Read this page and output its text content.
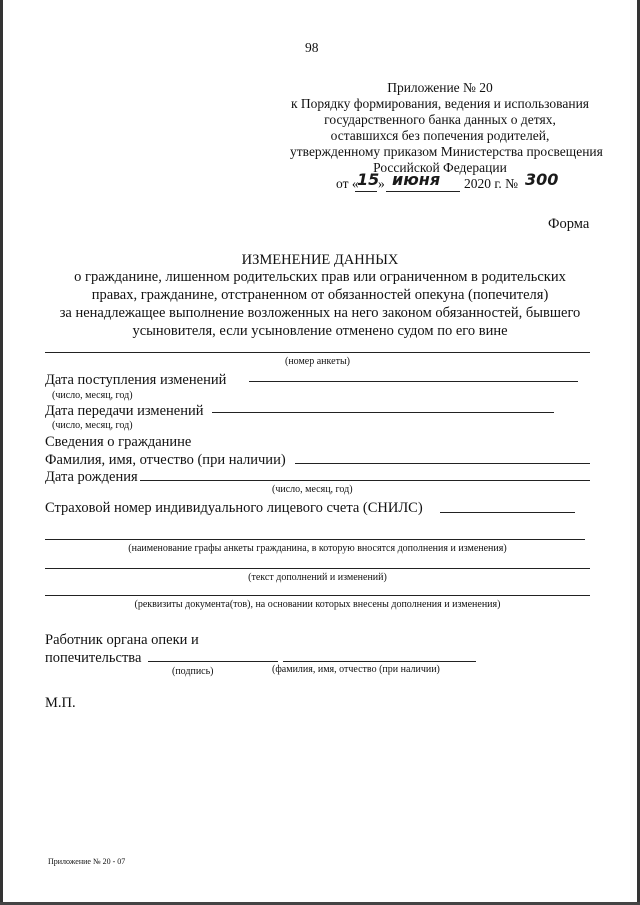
98
Приложение № 20
к Порядку формирования, ведения и использования
государственного банка данных о детях,
оставшихся без попечения родителей,
утвержденному приказом Министерства просвещения
Российской Федерации
от «
15
» июня 2020 г. № 300
Форма
ИЗМЕНЕНИЕ ДАННЫХ
о гражданине, лишенном родительских прав или ограниченном в родительских
правах, гражданине, отстраненном от обязанностей опекуна (попечителя)
за ненадлежащее выполнение возложенных на него законом обязанностей, бывшего
усыновителя, если усыновление отменено судом по его вине
(номер анкеты)
Дата поступления изменений
(число, месяц, год)
Дата передачи изменений
(число, месяц, год)
Сведения о гражданине
Фамилия, имя, отчество (при наличии)
Дата рождения
(число, месяц, год)
Страховой номер индивидуального лицевого счета (СНИЛС)
(наименование графы анкеты гражданина, в которую вносятся дополнения и изменения)
(текст дополнений и изменений)
(реквизиты документа(тов), на основании которых внесены дополнения и изменения)
Работник органа опеки и
попечительства
(подпись)	(фамилия, имя, отчество (при наличии)
М.П.
Приложение № 20 - 07
